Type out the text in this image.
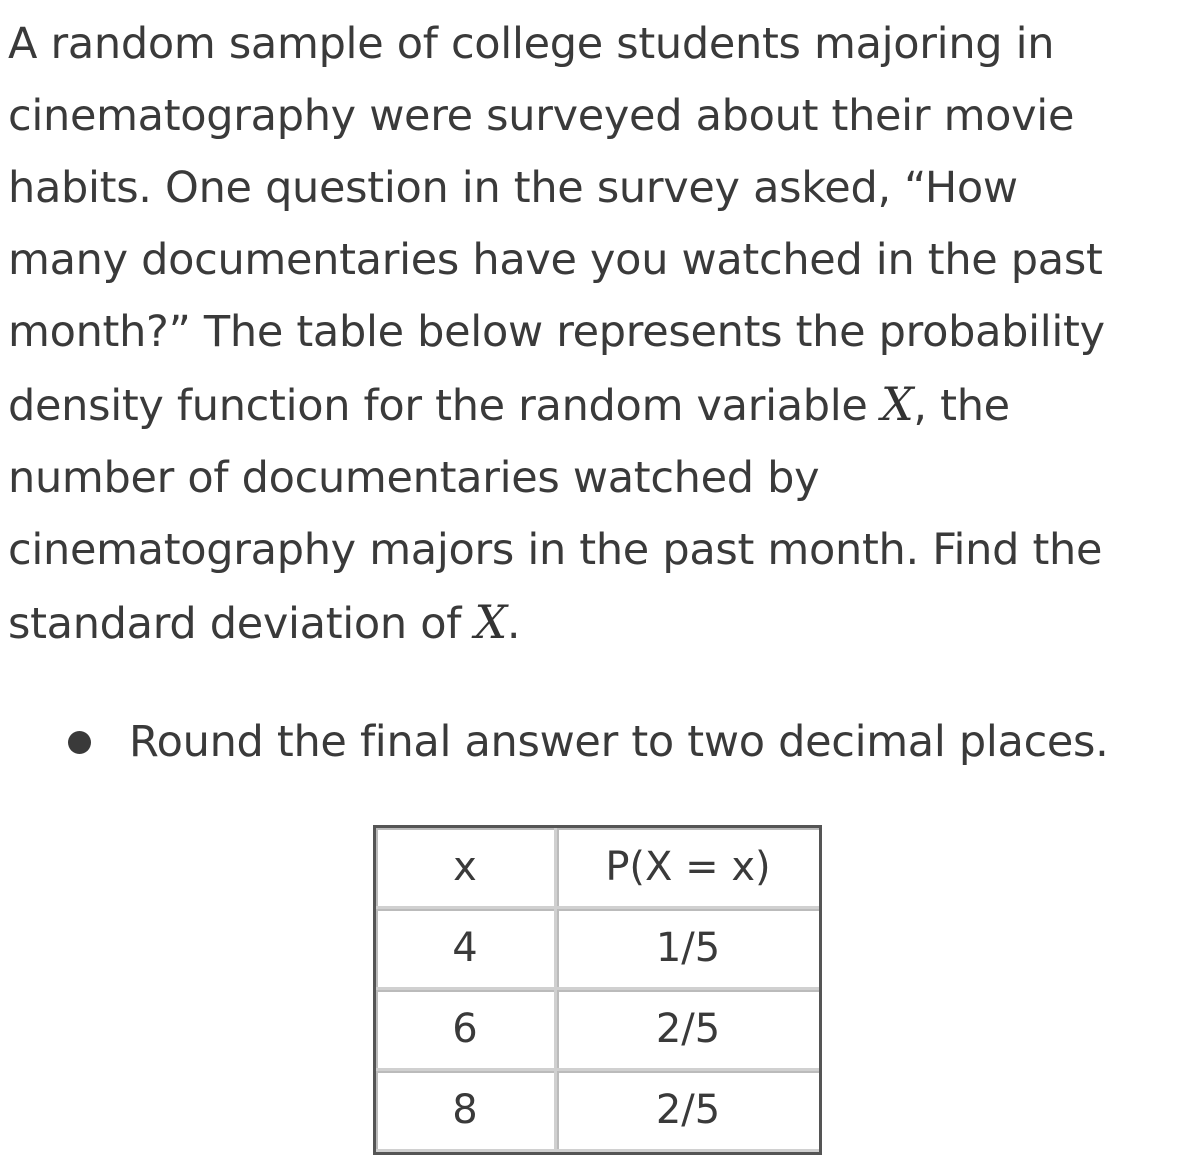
A random sample of college students majoring in
cinematography were surveyed about their movie
habits. One question in the survey asked, “How
many documentaries have you watched in the past
month?” The table below represents the probability
density function for the random variable X, the
number of documentaries watched by
cinematography majors in the past month. Find the
standard deviation of X.
Round the final answer to two decimal places.
x	P(X = x)
4	1/5
6	2/5
8	2/5
